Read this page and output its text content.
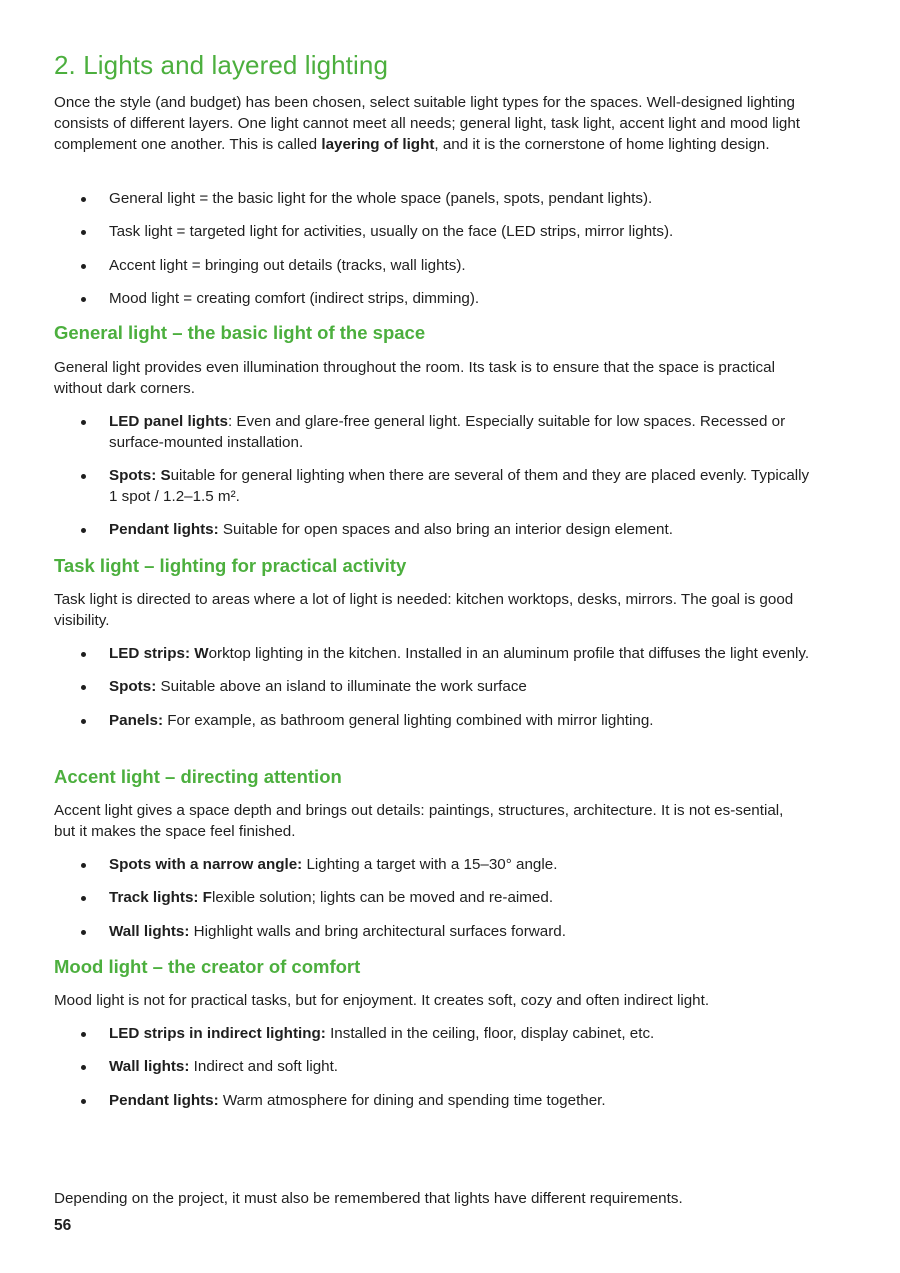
2. Lights and layered lighting

Once the style (and budget) has been chosen, select suitable light types for the spaces. Well-designed lighting consists of different layers. One light cannot meet all needs; general light, task light, accent light and mood light complement one another. This is called layering of light, and it is the cornerstone of home lighting design.

General light = the basic light for the whole space (panels, spots, pendant lights).
Task light = targeted light for activities, usually on the face (LED strips, mirror lights).
Accent light = bringing out details (tracks, wall lights).
Mood light = creating comfort (indirect strips, dimming).
General light – the basic light of the space

General light provides even illumination throughout the room. Its task is to ensure that the space is practical without dark corners.

LED panel lights: Even and glare-free general light. Especially suitable for low spaces. Recessed or surface-mounted installation.
Spots: Suitable for general lighting when there are several of them and they are placed evenly. Typically 1 spot / 1.2–1.5 m².
Pendant lights: Suitable for open spaces and also bring an interior design element.
Task light – lighting for practical activity

Task light is directed to areas where a lot of light is needed: kitchen worktops, desks, mirrors. The goal is good visibility.

LED strips: Worktop lighting in the kitchen. Installed in an aluminum profile that diffuses the light evenly.
Spots: Suitable above an island to illuminate the work surface
Panels: For example, as bathroom general lighting combined with mirror lighting.
Accent light – directing attention

Accent light gives a space depth and brings out details: paintings, structures, architecture. It is not es-sential, but it makes the space feel finished.

Spots with a narrow angle: Lighting a target with a 15–30° angle.
Track lights: Flexible solution; lights can be moved and re-aimed.
Wall lights: Highlight walls and bring architectural surfaces forward.
Mood light – the creator of comfort

Mood light is not for practical tasks, but for enjoyment. It creates soft, cozy and often indirect light.

LED strips in indirect lighting: Installed in the ceiling, floor, display cabinet, etc.
Wall lights: Indirect and soft light.
Pendant lights: Warm atmosphere for dining and spending time together.

Depending on the project, it must also be remembered that lights have different requirements.

56
